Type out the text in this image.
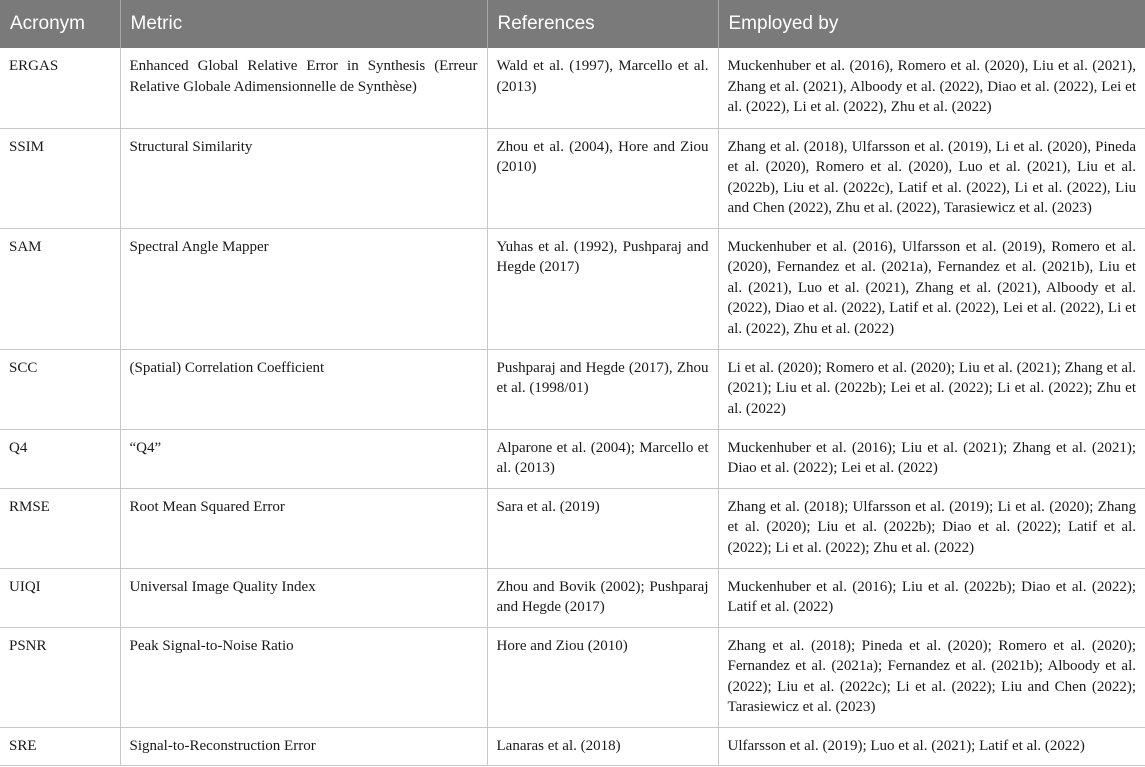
Acronym	Metric	References	Employed by
ERGAS	Enhanced Global Relative Error in Synthesis (Erreur Relative Globale Adimensionnelle de Synthèse)	Wald et al. (1997), Marcello et al. (2013)	Muckenhuber et al. (2016), Romero et al. (2020), Liu et al. (2021), Zhang et al. (2021), Alboody et al. (2022), Diao et al. (2022), Lei et al. (2022), Li et al. (2022), Zhu et al. (2022)
SSIM	Structural Similarity	Zhou et al. (2004), Hore and Ziou (2010)	Zhang et al. (2018), Ulfarsson et al. (2019), Li et al. (2020), Pineda et al. (2020), Romero et al. (2020), Luo et al. (2021), Liu et al. (2022b), Liu et al. (2022c), Latif et al. (2022), Li et al. (2022), Liu and Chen (2022), Zhu et al. (2022), Tarasiewicz et al. (2023)
SAM	Spectral Angle Mapper	Yuhas et al. (1992), Pushparaj and Hegde (2017)	Muckenhuber et al. (2016), Ulfarsson et al. (2019), Romero et al. (2020), Fernandez et al. (2021a), Fernandez et al. (2021b), Liu et al. (2021), Luo et al. (2021), Zhang et al. (2021), Alboody et al. (2022), Diao et al. (2022), Latif et al. (2022), Lei et al. (2022), Li et al. (2022), Zhu et al. (2022)
SCC	(Spatial) Correlation Coefficient	Pushparaj and Hegde (2017), Zhou et al. (1998/01)	Li et al. (2020); Romero et al. (2020); Liu et al. (2021); Zhang et al. (2021); Liu et al. (2022b); Lei et al. (2022); Li et al. (2022); Zhu et al. (2022)
Q4	“Q4”	Alparone et al. (2004); Marcello et al. (2013)	Muckenhuber et al. (2016); Liu et al. (2021); Zhang et al. (2021); Diao et al. (2022); Lei et al. (2022)
RMSE	Root Mean Squared Error	Sara et al. (2019)	Zhang et al. (2018); Ulfarsson et al. (2019); Li et al. (2020); Zhang et al. (2020); Liu et al. (2022b); Diao et al. (2022); Latif et al. (2022); Li et al. (2022); Zhu et al. (2022)
UIQI	Universal Image Quality Index	Zhou and Bovik (2002); Pushparaj and Hegde (2017)	Muckenhuber et al. (2016); Liu et al. (2022b); Diao et al. (2022); Latif et al. (2022)
PSNR	Peak Signal-to-Noise Ratio	Hore and Ziou (2010)	Zhang et al. (2018); Pineda et al. (2020); Romero et al. (2020); Fernandez et al. (2021a); Fernandez et al. (2021b); Alboody et al. (2022); Liu et al. (2022c); Li et al. (2022); Liu and Chen (2022); Tarasiewicz et al. (2023)
SRE	Signal-to-Reconstruction Error	Lanaras et al. (2018)	Ulfarsson et al. (2019); Luo et al. (2021); Latif et al. (2022)
